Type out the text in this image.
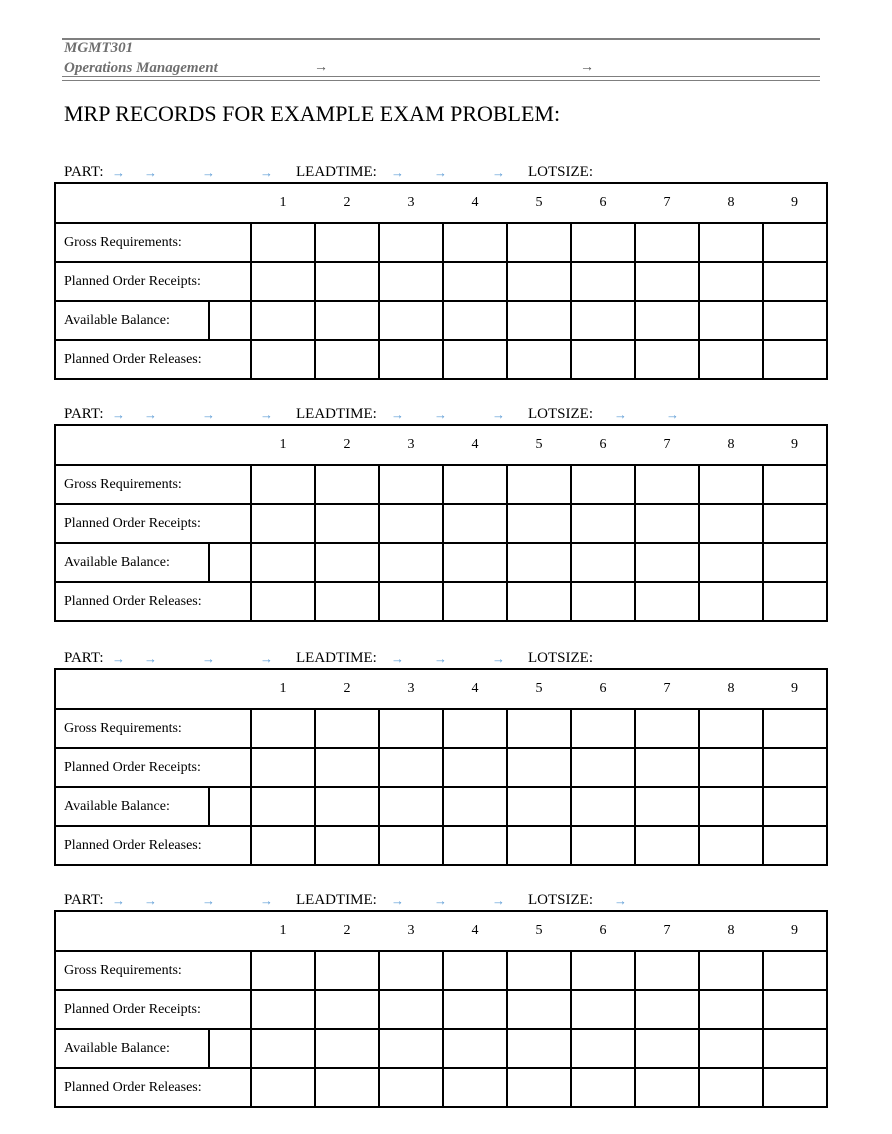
MGMT301
Operations Management	→	→
MRP RECORDS FOR EXAMPLE EXAM PROBLEM:
PART:	LEADTIME:	LOTSIZE:
→ →	→	→	→ →	→
		1	2	3	4	5	6	7	8	9
Gross Requirements:										
Planned Order Receipts:										
Available Balance:										
Planned Order Releases:										
PART:	LEADTIME:	LOTSIZE:
→ →	→	→	→ →	→	→	→
		1	2	3	4	5	6	7	8	9
Gross Requirements:										
Planned Order Receipts:										
Available Balance:										
Planned Order Releases:										
PART:	LEADTIME:	LOTSIZE:
→ →	→	→	→ →	→
		1	2	3	4	5	6	7	8	9
Gross Requirements:										
Planned Order Receipts:										
Available Balance:										
Planned Order Releases:										
PART:	LEADTIME:	LOTSIZE:
→ →	→	→	→ →	→	→
		1	2	3	4	5	6	7	8	9
Gross Requirements:										
Planned Order Receipts:										
Available Balance:										
Planned Order Releases:										
